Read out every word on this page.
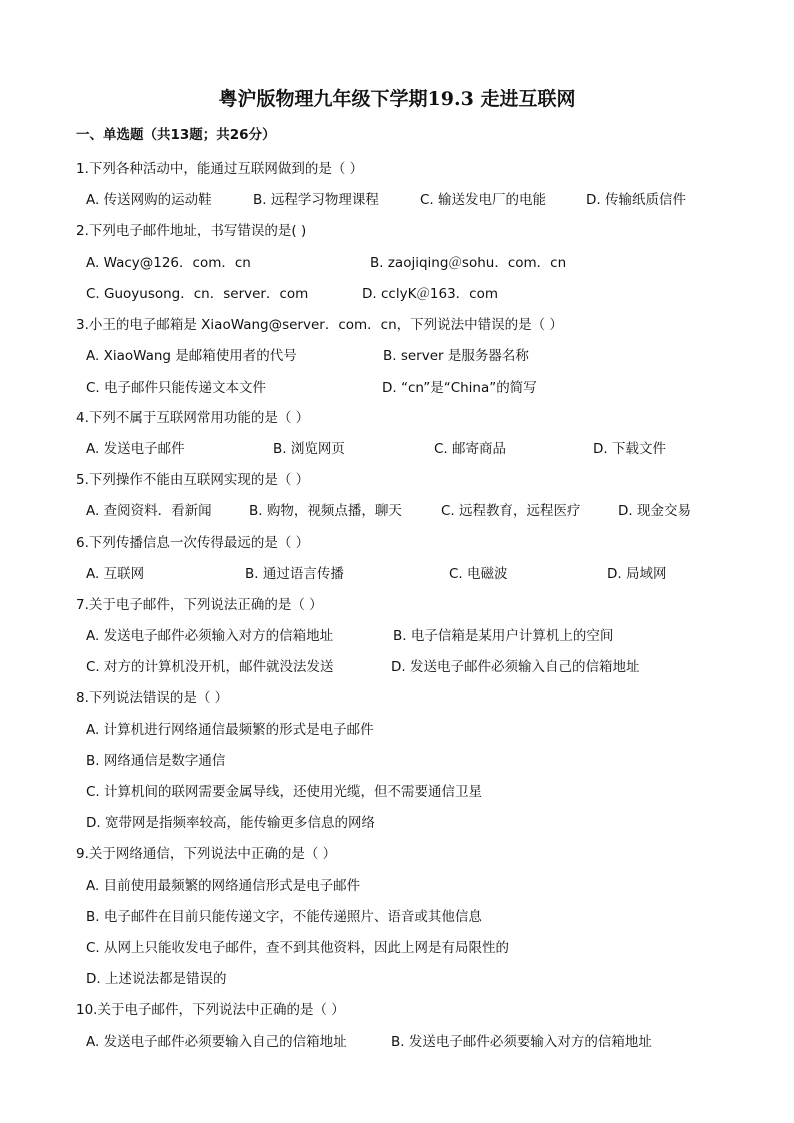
粤沪版物理九年级下学期19.3 走进互联网
一、单选题（共13题；共26分）
1.下列各种活动中，能通过互联网做到的是（ ）
A. 传送网购的运动鞋	B. 远程学习物理课程	C. 输送发电厂的电能	D. 传输纸质信件
2.下列电子邮件地址，书写错误的是( )
A. Wacy@126．com．cn	B. zaojiqing＠sohu．com．cn
C. Guoyusong．cn．server．com	D. cclyK＠163．com
3.小王的电子邮箱是 XiaoWang@server．com．cn，下列说法中错误的是（ ）
A. XiaoWang 是邮箱使用者的代号	B. server 是服务器名称
C. 电子邮件只能传递文本文件	D. “cn”是“China”的简写
4.下列不属于互联网常用功能的是（ ）
A. 发送电子邮件	B. 浏览网页	C. 邮寄商品	D. 下载文件
5.下列操作不能由互联网实现的是（ ）
A. 查阅资料．看新闻	B. 购物，视频点播，聊天	C. 远程教育，远程医疗	D. 现金交易
6.下列传播信息一次传得最远的是（ ）
A. 互联网	B. 通过语言传播	C. 电磁波	D. 局域网
7.关于电子邮件，下列说法正确的是（ ）
A. 发送电子邮件必须输入对方的信箱地址	B. 电子信箱是某用户计算机上的空间
C. 对方的计算机没开机，邮件就没法发送	D. 发送电子邮件必须输入自己的信箱地址
8.下列说法错误的是（ ）
A. 计算机进行网络通信最频繁的形式是电子邮件
B. 网络通信是数字通信
C. 计算机间的联网需要金属导线，还使用光缆，但不需要通信卫星
D. 宽带网是指频率较高，能传输更多信息的网络
9.关于网络通信，下列说法中正确的是（ ）
A. 目前使用最频繁的网络通信形式是电子邮件
B. 电子邮件在目前只能传递文字，不能传递照片、语音或其他信息
C. 从网上只能收发电子邮件，查不到其他资料，因此上网是有局限性的
D. 上述说法都是错误的
10.关于电子邮件，下列说法中正确的是（ ）
A. 发送电子邮件必须要输入自己的信箱地址	B. 发送电子邮件必须要输入对方的信箱地址
